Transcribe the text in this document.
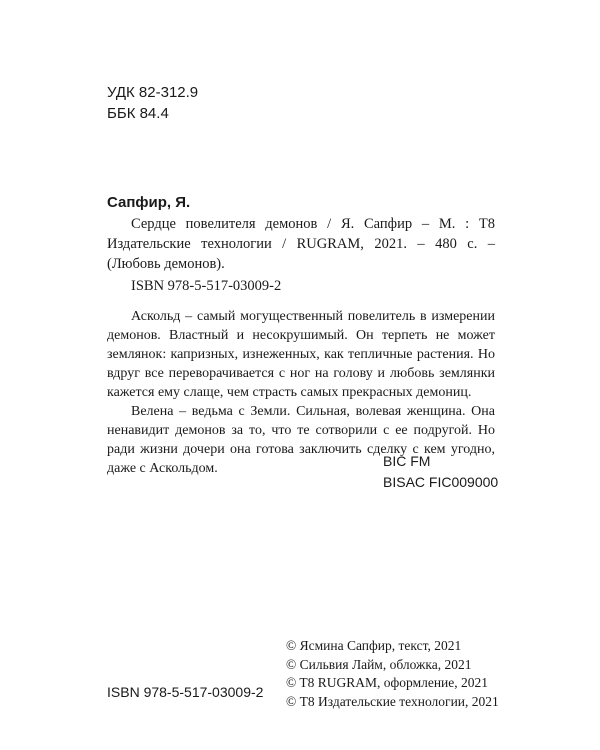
УДК 82-312.9
ББК 84.4
Сапфир, Я.

Сердце повелителя демонов / Я. Сапфир – М. : Т8 Издательские технологии / RUGRAM, 2021. – 480 с. – (Любовь демонов).

ISBN 978-5-517-03009-2

Аскольд – самый могущественный повелитель в измерении демонов. Властный и несокрушимый. Он терпеть не может землянок: капризных, изнеженных, как тепличные растения. Но вдруг все переворачивается с ног на голову и любовь землянки кажется ему слаще, чем страсть самых прекрасных демониц.

Велена – ведьма с Земли. Сильная, волевая женщина. Она ненавидит демонов за то, что те сотворили с ее подругой. Но ради жизни дочери она готова заключить сделку с кем угодно, даже с Аскольдом.	BIC FM
BISAC FIC009000
ISBN 978-5-517-03009-2
© Ясмина Сапфир, текст, 2021
© Сильвия Лайм, обложка, 2021
© T8 RUGRAM, оформление, 2021
© Т8 Издательские технологии, 2021
